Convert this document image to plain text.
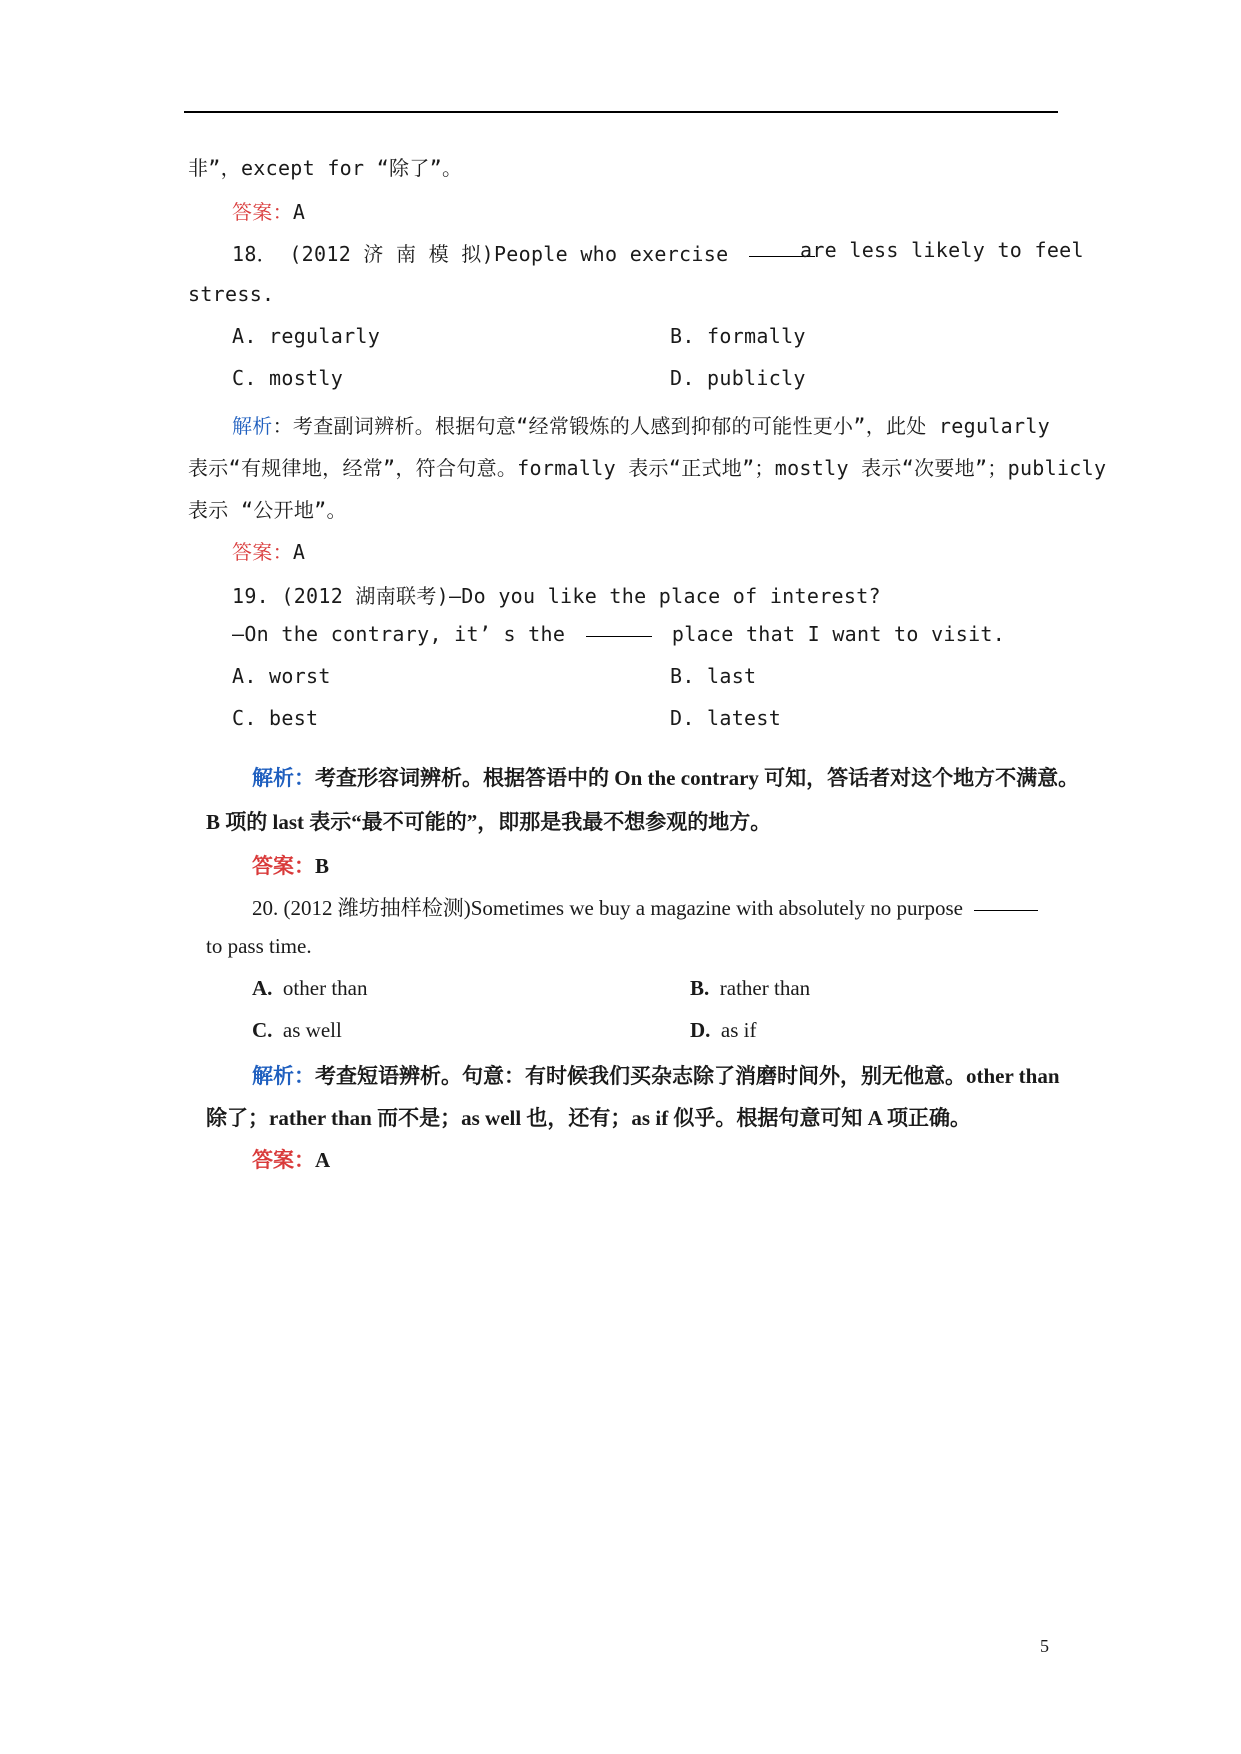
非”，except for “除了”。
答案：A
18． (2012 济 南 模 拟)People who exercise	are less likely to feel
stress.
A. regularly	B. formally
C. mostly	D. publicly
解析：考查副词辨析。根据句意“经常锻炼的人感到抑郁的可能性更小”，此处 regularly
表示“有规律地，经常”，符合句意。formally 表示“正式地”；mostly 表示“次要地”；publicly
表示 “公开地”。
答案：A
19. (2012 湖南联考)—Do you like the place of interest?
—On the contrary, it’ s the	place that I want to visit.
A. worst	B. last
C. best	D. latest
解析：考查形容词辨析。根据答语中的 On the contrary 可知，答话者对这个地方不满意。
B 项的 last 表示“最不可能的”，即那是我最不想参观的地方。
答案：B
20. (2012 潍坊抽样检测)Sometimes we buy a magazine with absolutely no purpose
to pass time.
A. other than	B. rather than
C. as well	D. as if
解析：考查短语辨析。句意：有时候我们买杂志除了消磨时间外，别无他意。other than
除了；rather than 而不是；as well 也，还有；as if 似乎。根据句意可知 A 项正确。
答案：A
5
